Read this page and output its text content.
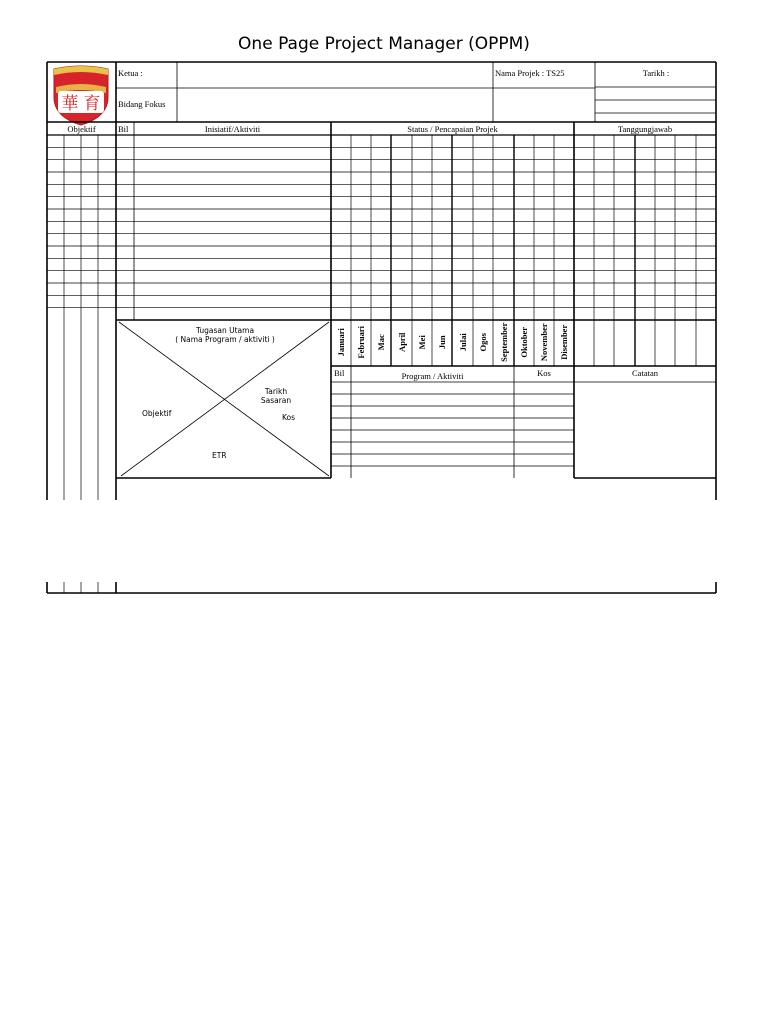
One Page Project Manager (OPPM)
華 育
Ketua :
Bidang Fokus
Nama Projek : TS25	Tarikh :
Objektif	Bil	Inisiatif/Aktiviti	Status / Pencapaian Projek	Tanggungjawab
Tugasan Utama
( Nama Program / aktiviti )
Objektif
Tarikh
Sasaran
Kos
ETR
Januari Februari Mac April Mei Jun Julai Ogos September Oktober November Disember
Bil	Program / Aktiviti	Kos	Catatan
